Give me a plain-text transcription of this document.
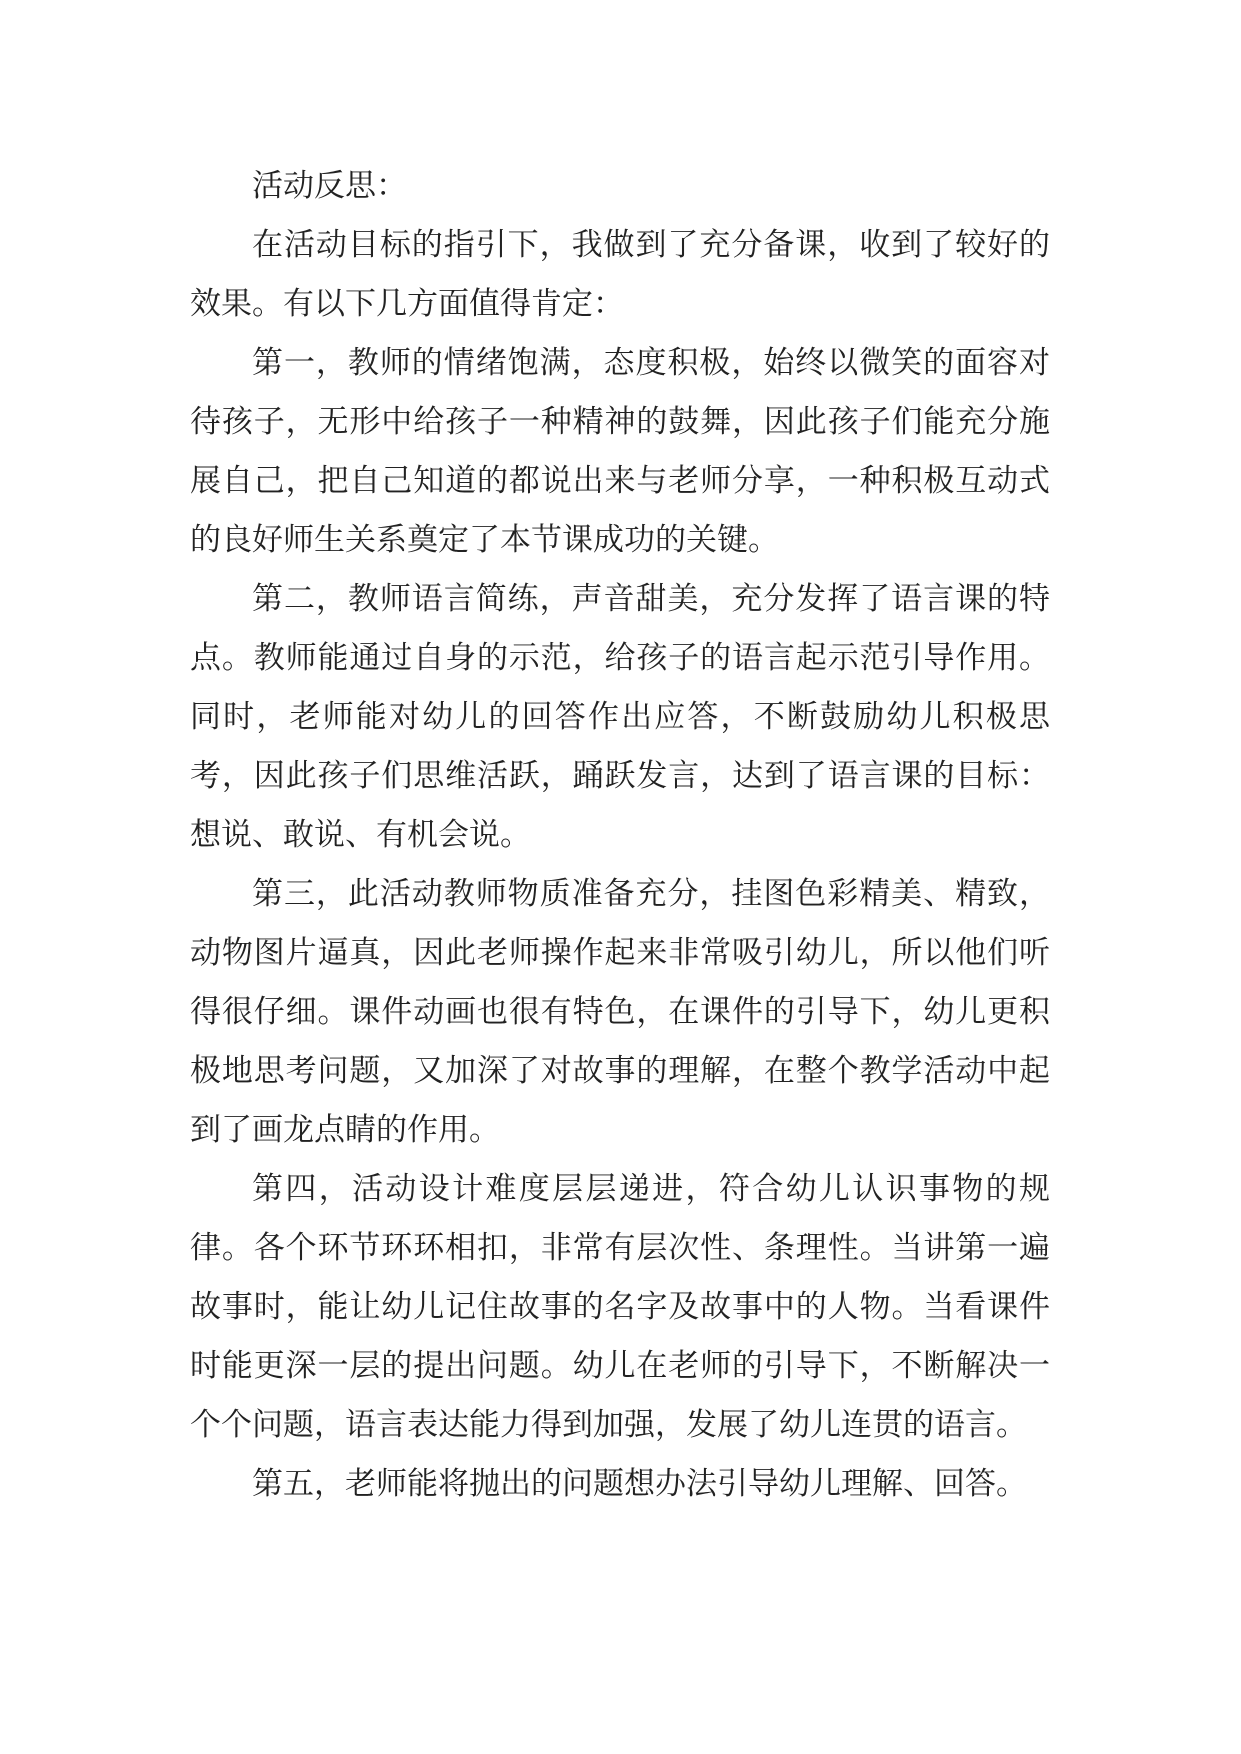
活动反思：

在活动目标的指引下，我做到了充分备课，收到了较好的效果。有以下几方面值得肯定：

第一，教师的情绪饱满，态度积极，始终以微笑的面容对待孩子，无形中给孩子一种精神的鼓舞，因此孩子们能充分施展自己，把自己知道的都说出来与老师分享，一种积极互动式的良好师生关系奠定了本节课成功的关键。

第二，教师语言简练，声音甜美，充分发挥了语言课的特点。教师能通过自身的示范，给孩子的语言起示范引导作用。同时，老师能对幼儿的回答作出应答，不断鼓励幼儿积极思考，因此孩子们思维活跃，踊跃发言，达到了语言课的目标：想说、敢说、有机会说。

第三，此活动教师物质准备充分，挂图色彩精美、精致，动物图片逼真，因此老师操作起来非常吸引幼儿，所以他们听得很仔细。课件动画也很有特色，在课件的引导下，幼儿更积极地思考问题，又加深了对故事的理解，在整个教学活动中起到了画龙点睛的作用。

第四，活动设计难度层层递进，符合幼儿认识事物的规律。各个环节环环相扣，非常有层次性、条理性。当讲第一遍故事时，能让幼儿记住故事的名字及故事中的人物。当看课件时能更深一层的提出问题。幼儿在老师的引导下，不断解决一个个问题，语言表达能力得到加强，发展了幼儿连贯的语言。

第五，老师能将抛出的问题想办法引导幼儿理解、回答。
